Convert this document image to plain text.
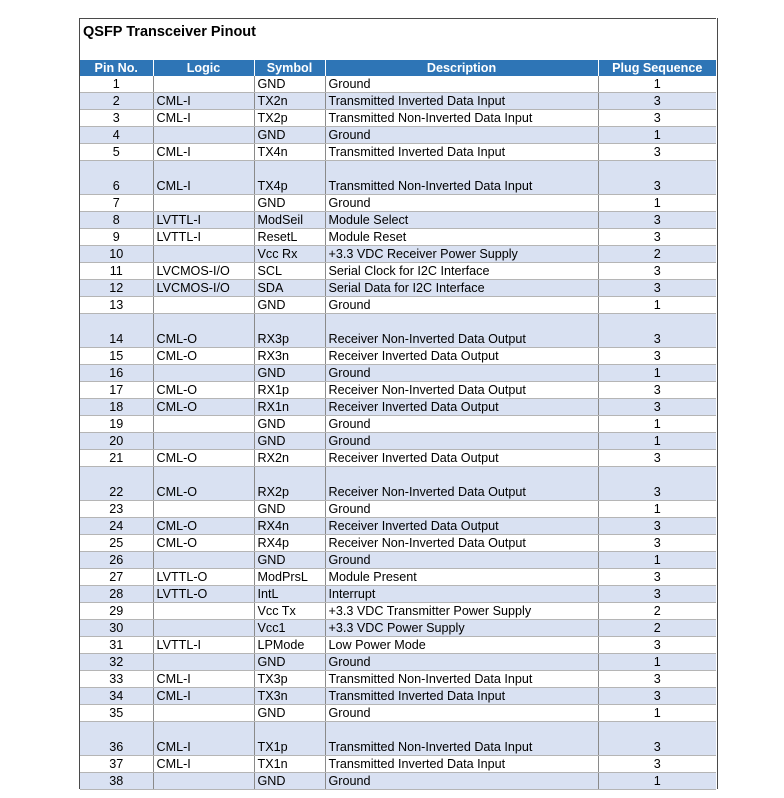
QSFP Transceiver Pinout
Pin No.	Logic	Symbol	Description	Plug Sequence
1		GND	Ground	1
2	CML-I	TX2n	Transmitted Inverted Data Input	3
3	CML-I	TX2p	Transmitted Non-Inverted Data Input	3
4		GND	Ground	1
5	CML-I	TX4n	Transmitted Inverted Data Input	3
6	CML-I	TX4p	Transmitted Non-Inverted Data Input	3
7		GND	Ground	1
8	LVTTL-I	ModSeil	Module Select	3
9	LVTTL-I	ResetL	Module Reset	3
10		Vcc Rx	+3.3 VDC Receiver Power Supply	2
11	LVCMOS-I/O	SCL	Serial Clock for I2C Interface	3
12	LVCMOS-I/O	SDA	Serial Data for I2C Interface	3
13		GND	Ground	1
14	CML-O	RX3p	Receiver Non-Inverted Data Output	3
15	CML-O	RX3n	Receiver Inverted Data Output	3
16		GND	Ground	1
17	CML-O	RX1p	Receiver Non-Inverted Data Output	3
18	CML-O	RX1n	Receiver Inverted Data Output	3
19		GND	Ground	1
20		GND	Ground	1
21	CML-O	RX2n	Receiver Inverted Data Output	3
22	CML-O	RX2p	Receiver Non-Inverted Data Output	3
23		GND	Ground	1
24	CML-O	RX4n	Receiver Inverted Data Output	3
25	CML-O	RX4p	Receiver Non-Inverted Data Output	3
26		GND	Ground	1
27	LVTTL-O	ModPrsL	Module Present	3
28	LVTTL-O	IntL	Interrupt	3
29		Vcc Tx	+3.3 VDC Transmitter Power Supply	2
30		Vcc1	+3.3 VDC Power Supply	2
31	LVTTL-I	LPMode	Low Power Mode	3
32		GND	Ground	1
33	CML-I	TX3p	Transmitted Non-Inverted Data Input	3
34	CML-I	TX3n	Transmitted Inverted Data Input	3
35		GND	Ground	1
36	CML-I	TX1p	Transmitted Non-Inverted Data Input	3
37	CML-I	TX1n	Transmitted Inverted Data Input	3
38		GND	Ground	1
